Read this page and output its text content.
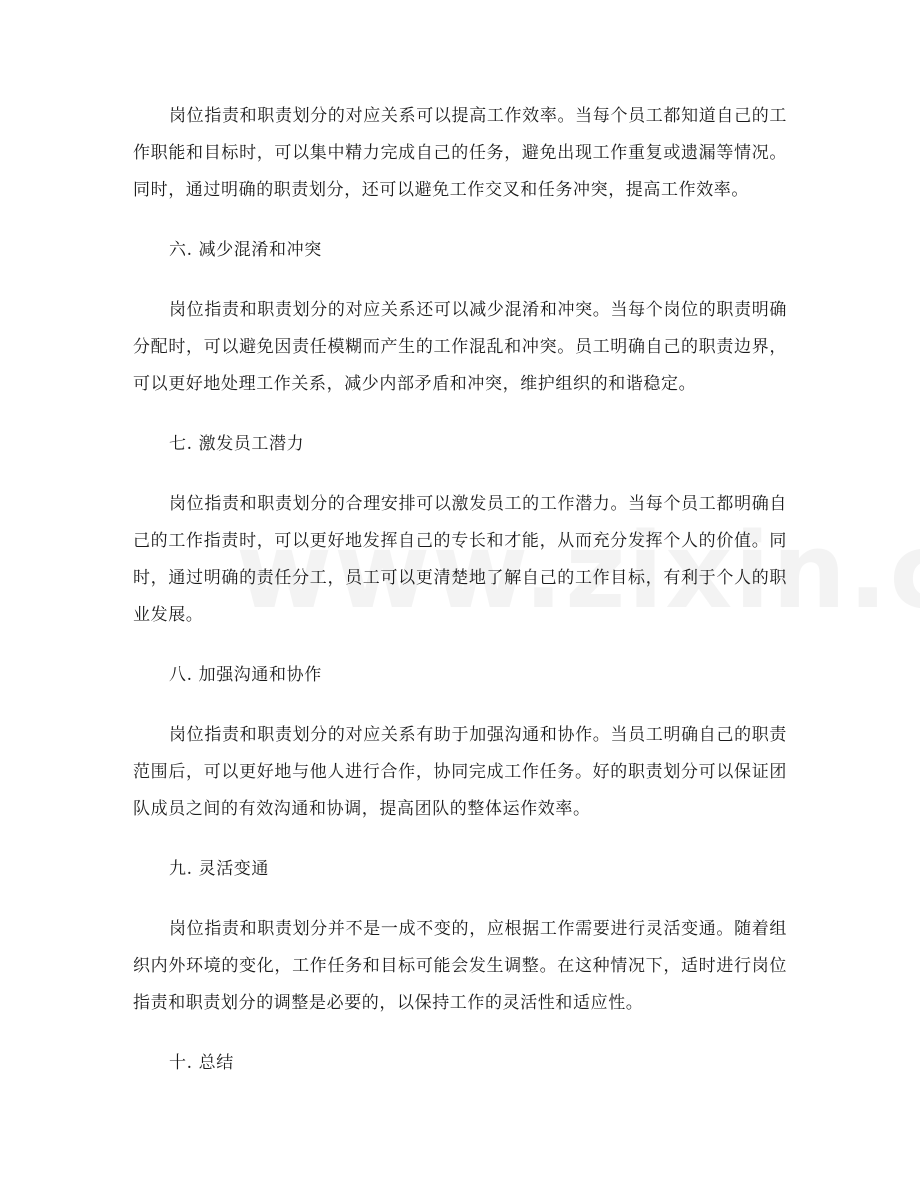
岗位指责和职责划分的对应关系可以提高工作效率。当每个员工都知道自己的工作职能和目标时，可以集中精力完成自己的任务，避免出现工作重复或遗漏等情况。同时，通过明确的职责划分，还可以避免工作交叉和任务冲突，提高工作效率。

六. 减少混淆和冲突

岗位指责和职责划分的对应关系还可以减少混淆和冲突。当每个岗位的职责明确分配时，可以避免因责任模糊而产生的工作混乱和冲突。员工明确自己的职责边界，可以更好地处理工作关系，减少内部矛盾和冲突，维护组织的和谐稳定。

七. 激发员工潜力

岗位指责和职责划分的合理安排可以激发员工的工作潜力。当每个员工都明确自己的工作指责时，可以更好地发挥自己的专长和才能，从而充分发挥个人的价值。同时，通过明确的责任分工，员工可以更清楚地了解自己的工作目标，有利于个人的职业发展。

八. 加强沟通和协作

岗位指责和职责划分的对应关系有助于加强沟通和协作。当员工明确自己的职责范围后，可以更好地与他人进行合作，协同完成工作任务。好的职责划分可以保证团队成员之间的有效沟通和协调，提高团队的整体运作效率。

九. 灵活变通

岗位指责和职责划分并不是一成不变的，应根据工作需要进行灵活变通。随着组织内外环境的变化，工作任务和目标可能会发生调整。在这种情况下，适时进行岗位指责和职责划分的调整是必要的，以保持工作的灵活性和适应性。

十. 总结
